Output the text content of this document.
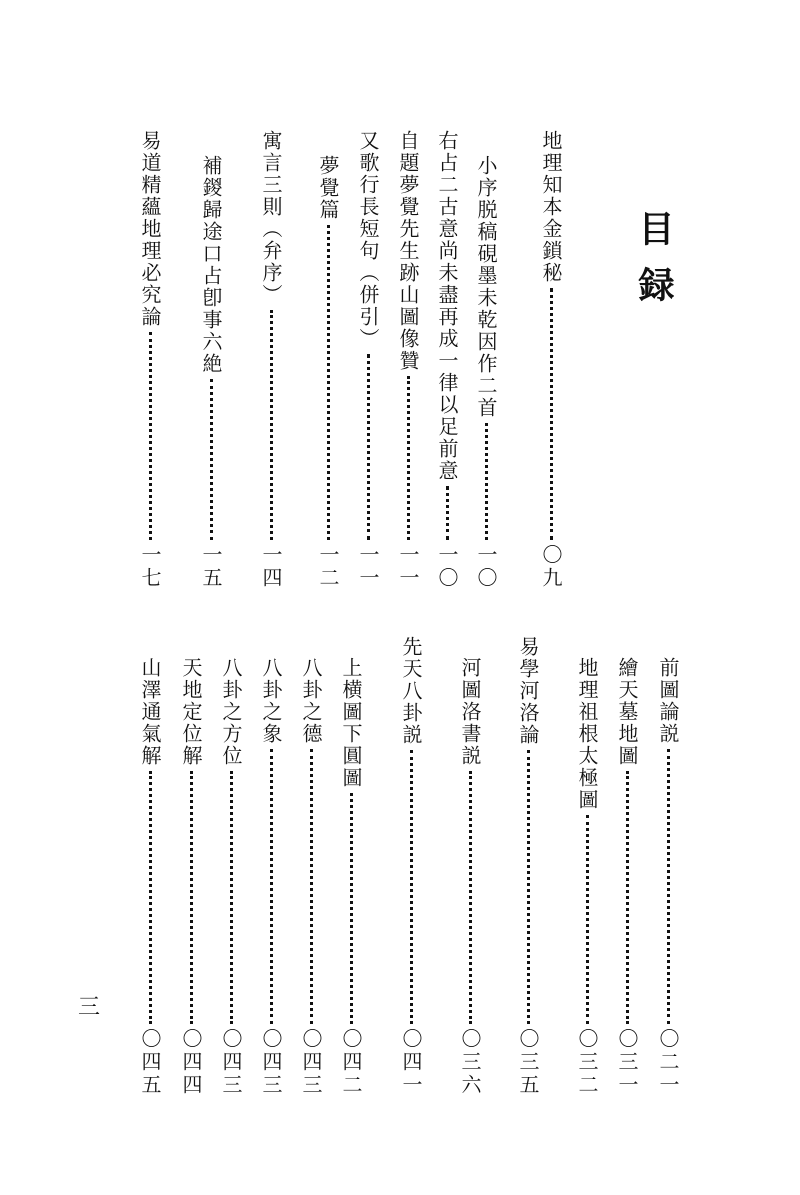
目録
地理知本金鎖秘
〇九
小序脱稿硯墨未乾因作二首
一〇
右占二古意尚未盡再成一律以足前意
一〇
自題夢覺先生跡山圖像贊
一一
又歌行長短句（併引）
一一
夢覺篇
一二
寓言三則（弁序）
一四
補鍐歸途口占卽事六絶
一五
易道精蘊地理必究論
一七
前圖論説
〇二一
繪天墓地圖
〇三一
地理祖根太極圖
〇三二
易學河洛論
〇三五
河圖洛書説
〇三六
先天八卦説
〇四一
上横圖下圓圖
〇四二
八卦之德
〇四三
八卦之象
〇四三
八卦之方位
〇四三
天地定位解
〇四四
山澤通氣解
〇四五
三
